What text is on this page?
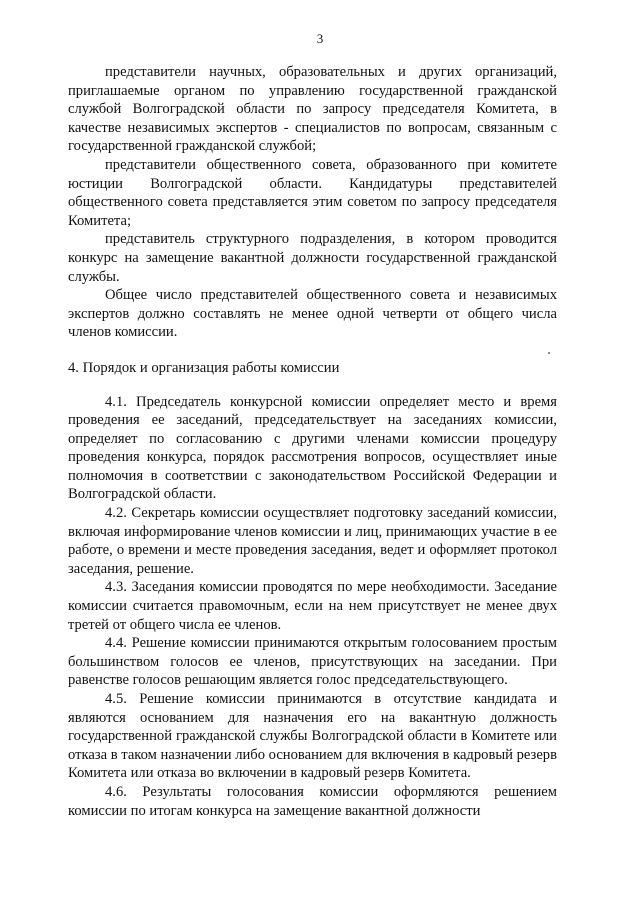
3

представители научных, образовательных и других организаций, приглашаемые органом по управлению государственной гражданской службой Волгоградской области по запросу председателя Комитета, в качестве независимых экспертов - специалистов по вопросам, связанным с государственной гражданской службой;

представители общественного совета, образованного при комитете юстиции Волгоградской области. Кандидатуры представителей общественного совета представляется этим советом по запросу председателя Комитета;

представитель структурного подразделения, в котором проводится конкурс на замещение вакантной должности государственной гражданской службы.

Общее число представителей общественного совета и независимых экспертов должно составлять не менее одной четверти от общего числа членов комиссии.

4. Порядок и организация работы комиссии

4.1. Председатель конкурсной комиссии определяет место и время проведения ее заседаний, председательствует на заседаниях комиссии, определяет по согласованию с другими членами комиссии процедуру проведения конкурса, порядок рассмотрения вопросов, осуществляет иные полномочия в соответствии с законодательством Российской Федерации и Волгоградской области.

4.2. Секретарь комиссии осуществляет подготовку заседаний комиссии, включая информирование членов комиссии и лиц, принимающих участие в ее работе, о времени и месте проведения заседания, ведет и оформляет протокол заседания, решение.

4.3. Заседания комиссии проводятся по мере необходимости. Заседание комиссии считается правомочным, если на нем присутствует не менее двух третей от общего числа ее членов.

4.4. Решение комиссии принимаются открытым голосованием простым большинством голосов ее членов, присутствующих на заседании. При равенстве голосов решающим является голос председательствующего.

4.5. Решение комиссии принимаются в отсутствие кандидата и являются основанием для назначения его на вакантную должность государственной гражданской службы Волгоградской области в Комитете или отказа в таком назначении либо основанием для включения в кадровый резерв Комитета или отказа во включении в кадровый резерв Комитета.

4.6. Результаты голосования комиссии оформляются решением комиссии по итогам конкурса на замещение вакантной должности
